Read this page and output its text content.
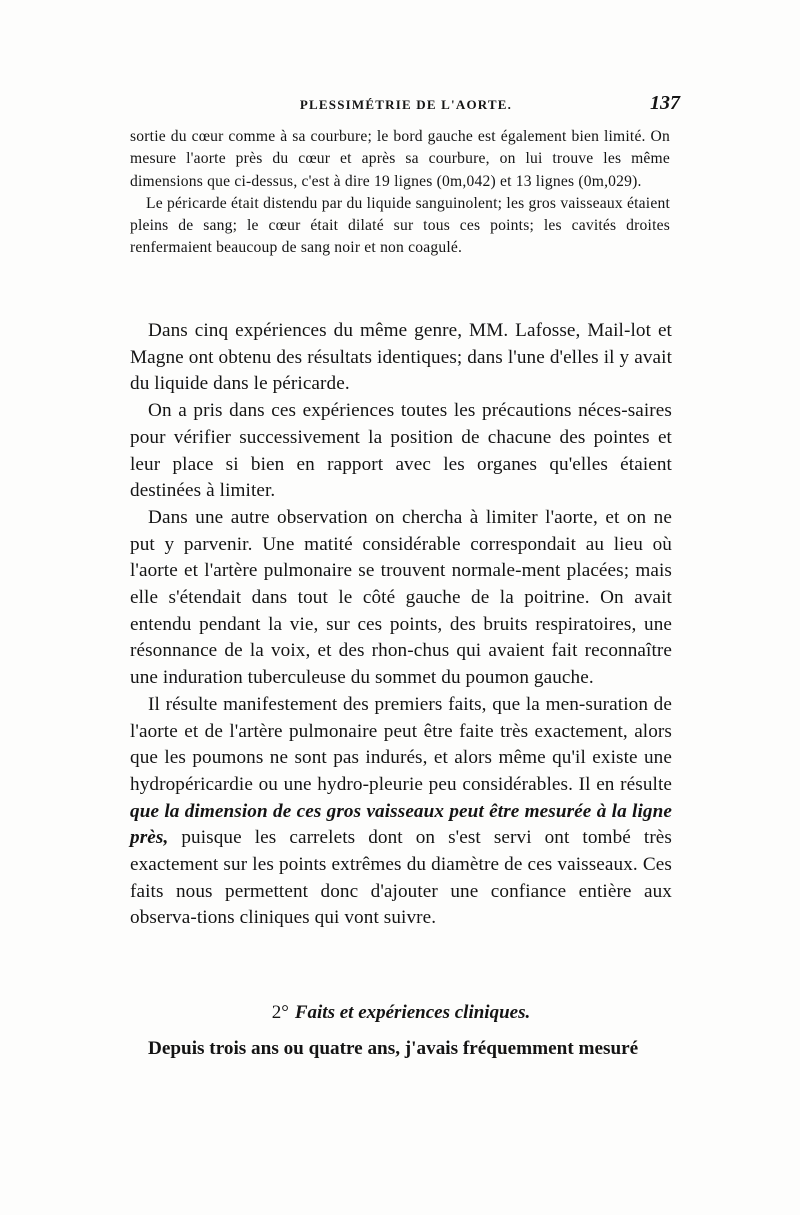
PLESSIMÉTRIE DE L'AORTE.	137

sortie du cœur comme à sa courbure; le bord gauche est également bien limité. On mesure l'aorte près du cœur et après sa courbure, on lui trouve les même dimensions que ci-dessus, c'est à dire 19 lignes (0m,042) et 13 lignes (0m,029).

Le péricarde était distendu par du liquide sanguinolent; les gros vaisseaux étaient pleins de sang; le cœur était dilaté sur tous ces points; les cavités droites renfermaient beaucoup de sang noir et non coagulé.

Dans cinq expériences du même genre, MM. Lafosse, Mail-lot et Magne ont obtenu des résultats identiques; dans l'une d'elles il y avait du liquide dans le péricarde.

On a pris dans ces expériences toutes les précautions néces-saires pour vérifier successivement la position de chacune des pointes et leur place si bien en rapport avec les organes qu'elles étaient destinées à limiter.

Dans une autre observation on chercha à limiter l'aorte, et on ne put y parvenir. Une matité considérable correspondait au lieu où l'aorte et l'artère pulmonaire se trouvent normale-ment placées; mais elle s'étendait dans tout le côté gauche de la poitrine. On avait entendu pendant la vie, sur ces points, des bruits respiratoires, une résonnance de la voix, et des rhon-chus qui avaient fait reconnaître une induration tuberculeuse du sommet du poumon gauche.

Il résulte manifestement des premiers faits, que la men-suration de l'aorte et de l'artère pulmonaire peut être faite très exactement, alors que les poumons ne sont pas indurés, et alors même qu'il existe une hydropéricardie ou une hydro-pleurie peu considérables. Il en résulte que la dimension de ces gros vaisseaux peut être mesurée à la ligne près, puisque les carrelets dont on s'est servi ont tombé très exactement sur les points extrêmes du diamètre de ces vaisseaux. Ces faits nous permettent donc d'ajouter une confiance entière aux observa-tions cliniques qui vont suivre.

2° Faits et expériences cliniques.
Depuis trois ans ou quatre ans, j'avais fréquemment mesuré
